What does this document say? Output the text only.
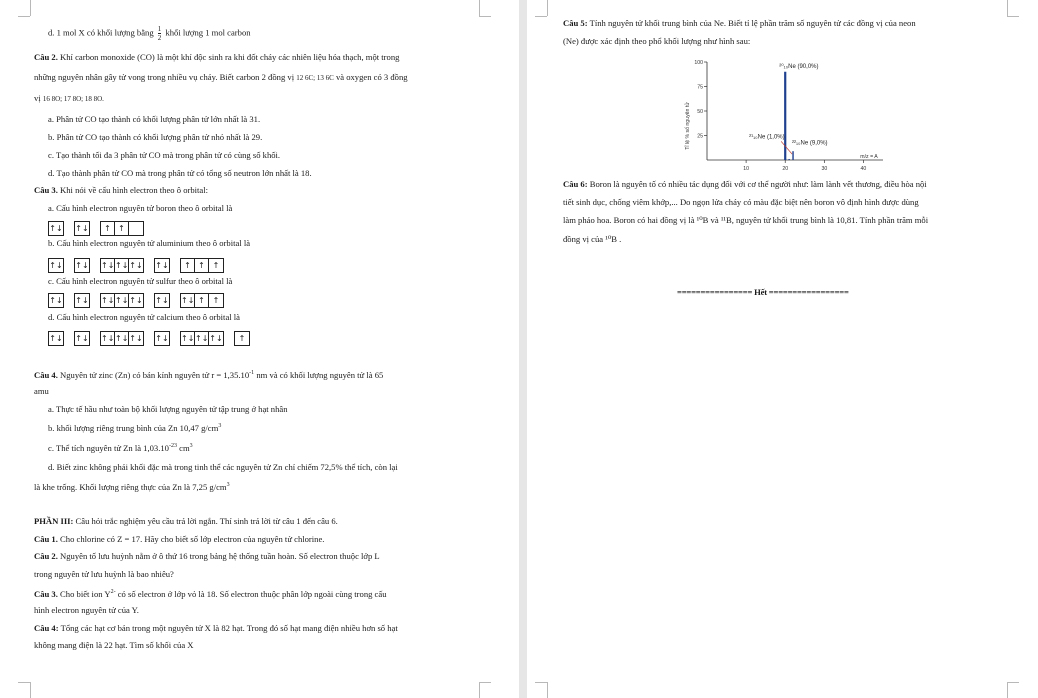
d. 1 mol X có khối lượng bằng $\frac{1}{2}$ khối lượng 1 mol carbon
Câu 2. Khí carbon monoxide (CO) là một khí độc sinh ra khi đốt cháy các nhiên liệu hóa thạch, một trong
những nguyên nhân gây tử vong trong nhiều vụ cháy. Biết carbon 2 đồng vị 12 6C; 13 6C và oxygen có 3 đồng
vị 16 8O; 17 8O; 18 8O.
a. Phân tử CO tạo thành có khối lượng phân tử lớn nhất là 31.
b. Phân tử CO tạo thành có khối lượng phân tử nhỏ nhất là 29.
c. Tạo thành tối đa 3 phân tử CO mà trong phân tử có cùng số khối.
d. Tạo thành phân tử CO mà trong phân tử có tổng số neutron lớn nhất là 18.
Câu 3. Khi nói về cấu hình electron theo ô orbital:
a. Cấu hình electron nguyên tử boron theo ô orbital là
↑↓ ↑↓	↑ ↑
b. Cấu hình electron nguyên tử aluminium theo ô orbital là
↑↓ ↑↓ ↑↓↑↓↑↓ ↑↓	↑ ↑ ↑
c. Cấu hình electron nguyên tử sulfur theo ô orbital là
↑↓ ↑↓ ↑↓↑↓↑↓ ↑↓ ↑↓ ↑ ↑
d. Cấu hình electron nguyên tử calcium theo ô orbital là
↑↓ ↑↓ ↑↓↑↓↑↓ ↑↓ ↑↓↑↓↑↓	↑
Câu 4. Nguyên tử zinc (Zn) có bán kính nguyên tử $r = 1,35.10^{-1}$ nm và có khối lượng nguyên tử là 65
amu
a. Thực tế hầu như toàn bộ khối lượng nguyên tử tập trung ở hạt nhân
b. khối lượng riêng trung bình của Zn 10,47 $g/cm^3$
c. Thể tích nguyên tử Zn là $1,03.10^{-23}$ $cm^3$
d. Biết zinc không phải khối đặc mà trong tinh thể các nguyên tử Zn chỉ chiếm 72,5% thể tích, còn lại
là khe trống. Khối lượng riêng thực của Zn là 7,25 $g/cm^3$
PHẦN III: Câu hỏi trắc nghiệm yêu cầu trả lời ngắn. Thí sinh trả lời từ câu 1 đến câu 6.
Câu 1. Cho chlorine có Z = 17. Hãy cho biết số lớp electron của nguyên tử chlorine.
Câu 2. Nguyên tố lưu huỳnh nằm ở ô thứ 16 trong bảng hệ thống tuần hoàn. Số electron thuộc lớp L
trong nguyên tử lưu huỳnh là bao nhiêu?
Câu 3. Cho biết ion $Y^{2-}$ có số electron ở lớp vỏ là 18. Số electron thuộc phân lớp ngoài cùng trong cấu
hình electron nguyên tử của Y.
Câu 4: Tổng các hạt cơ bản trong một nguyên tử X là 82 hạt. Trong đó số hạt mang điện nhiều hơn số hạt
không mang điện là 22 hạt. Tìm số khối của X
Câu 5: Tính nguyên tử khối trung bình của Ne. Biết tỉ lệ phần trăm số nguyên tử các đồng vị của neon
(Ne) được xác định theo phổ khối lượng như hình sau:
Tỉ lệ % số nguyên tử 25
50
75
100
10	20	30	40
m/z = A
²⁰₁₀Ne (90,0%)
²¹₁₀Ne (1,0%)
²²₁₀Ne (9,0%)
Câu 6: Boron là nguyên tố có nhiều tác dụng đối với cơ thể người như: làm lành vết thương, điều hòa nội
tiết sinh dục, chống viêm khớp,... Do ngọn lửa cháy có màu đặc biệt nên boron vô định hình được dùng
làm pháo hoa. Boron có hai đồng vị là ¹⁰B và ¹¹B, nguyên tử khối trung bình là 10,81. Tính phần trăm mỗi
đồng vị của ¹⁰B .
================ Hết =================
